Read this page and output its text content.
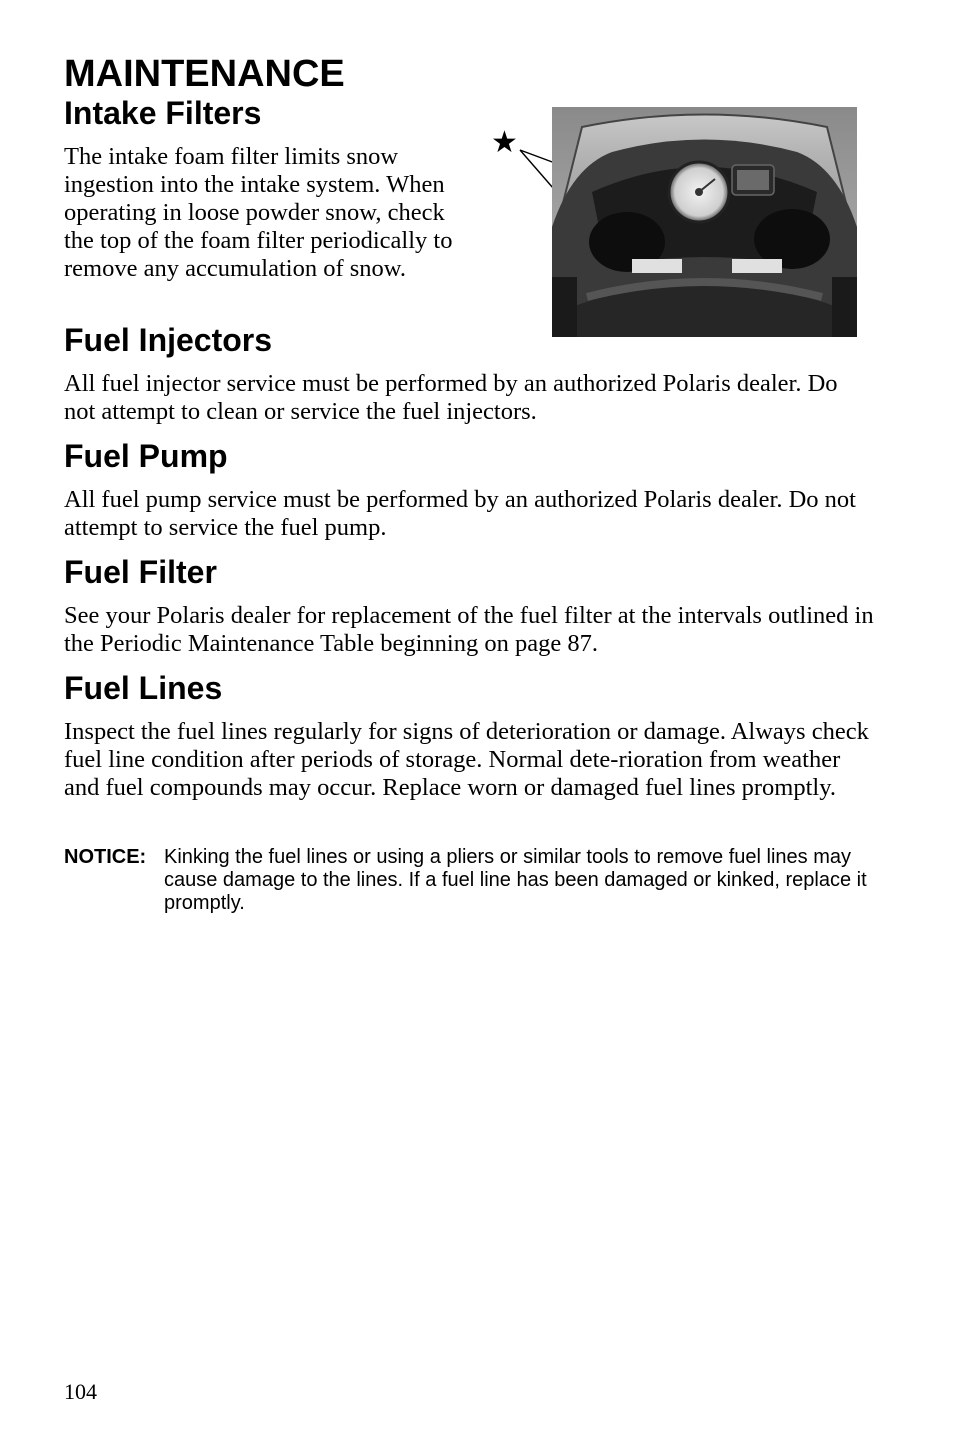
MAINTENANCE
Intake Filters

The intake foam filter limits snow ingestion into the intake system. When operating in loose powder snow, check the top of the foam filter periodically to remove any accumulation of snow.

★
Fuel Injectors

All fuel injector service must be performed by an authorized Polaris dealer. Do not attempt to clean or service the fuel injectors.

Fuel Pump

All fuel pump service must be performed by an authorized Polaris dealer. Do not attempt to service the fuel pump.

Fuel Filter

See your Polaris dealer for replacement of the fuel filter at the intervals outlined in the Periodic Maintenance Table beginning on page 87.

Fuel Lines

Inspect the fuel lines regularly for signs of deterioration or damage. Always check fuel line condition after periods of storage. Normal dete-rioration from weather and fuel compounds may occur. Replace worn or damaged fuel lines promptly.

NOTICE: Kinking the fuel lines or using a pliers or similar tools to remove fuel lines may cause damage to the lines. If a fuel line has been damaged or kinked, replace it promptly.
104
